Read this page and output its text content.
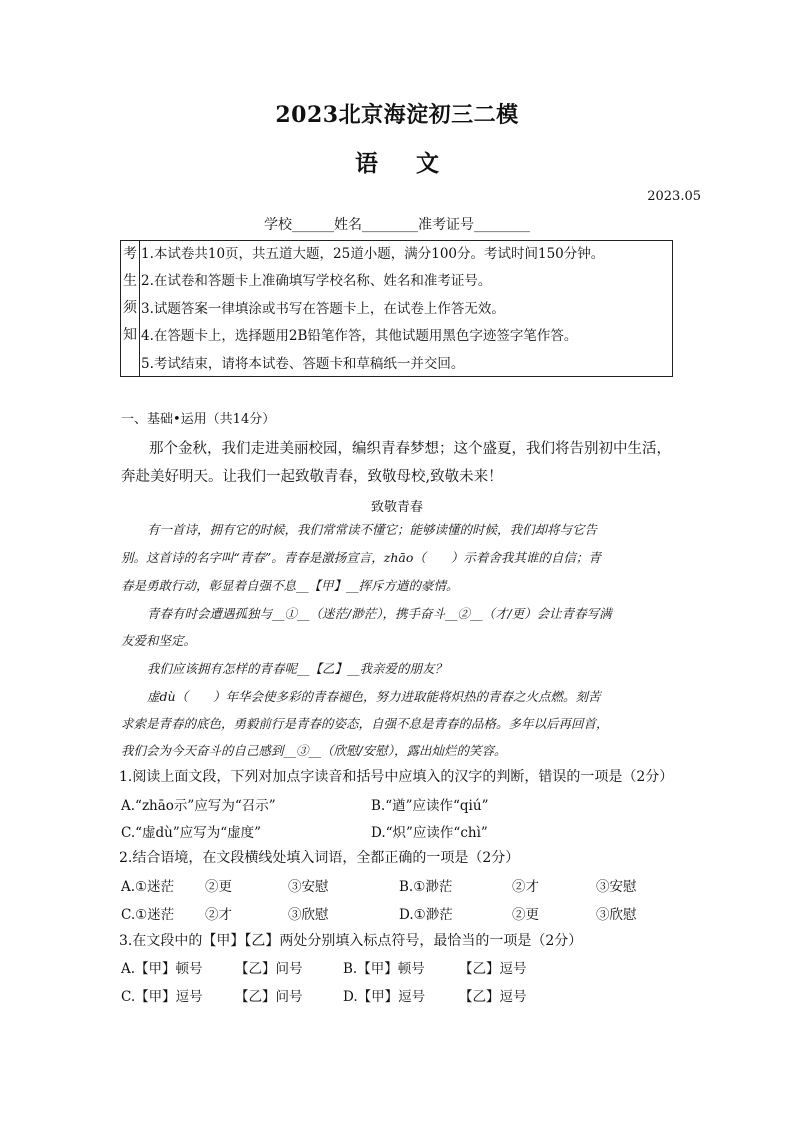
2023北京海淀初三二模
语 文
2023.05
学校______姓名________准考证号________
考
生
须
知
1.本试卷共10页，共五道大题，25道小题，满分100分。考试时间150分钟。
2.在试卷和答题卡上准确填写学校名称、姓名和准考证号。
3.试题答案一律填涂或书写在答题卡上，在试卷上作答无效。
4.在答题卡上，选择题用2B铅笔作答，其他试题用黑色字迹签字笔作答。
5.考试结束，请将本试卷、答题卡和草稿纸一并交回。
一、基础•运用（共14分）
那个金秋，我们走进美丽校园，编织青春梦想；这个盛夏，我们将告别初中生活，奔赴美好明天。让我们一起致敬青春，致敬母校,致敬未来！
致敬青春
有一首诗，拥有它的时候，我们常常读不懂它；能够读懂的时候，我们却将与它告
别。这首诗的名字叫“青春”。青春是激扬宣言，zhāo（　　）示着舍我其谁的自信；青
春是勇敢行动，彰显着自强不息__【甲】__挥斥方遒的豪情。
青春有时会遭遇孤独与__①__（迷茫/渺茫），携手奋斗__②__（才/更）会让青春写满
友爱和坚定。
我们应该拥有怎样的青春呢__【乙】__我亲爱的朋友？
虚dù（　　）年华会使多彩的青春褪色，努力进取能将炽热的青春之火点燃。刻苦
求索是青春的底色，勇毅前行是青春的姿态，自强不息是青春的品格。多年以后再回首，
我们会为今天奋斗的自己感到__③__（欣慰/安慰），露出灿烂的笑容。
1.阅读上面文段，下列对加点字读音和括号中应填入的汉字的判断，错误的一项是（2分）
A.“zhāo示”应写为“召示”	B.“遒”应读作“qiú”
C.“虚dù”应写为“虚度”	D.“炽”应读作“chì”
2.结合语境，在文段横线处填入词语，全都正确的一项是（2分）
A.①迷茫 ②更	③安慰	B.①渺茫	②才	③安慰
C.①迷茫 ②才	③欣慰	D.①渺茫	②更	③欣慰
3.在文段中的【甲】【乙】两处分别填入标点符号，最恰当的一项是（2分）
A.【甲】顿号 【乙】问号	B.【甲】顿号	【乙】逗号
C.【甲】逗号 【乙】问号	D.【甲】逗号	【乙】逗号
